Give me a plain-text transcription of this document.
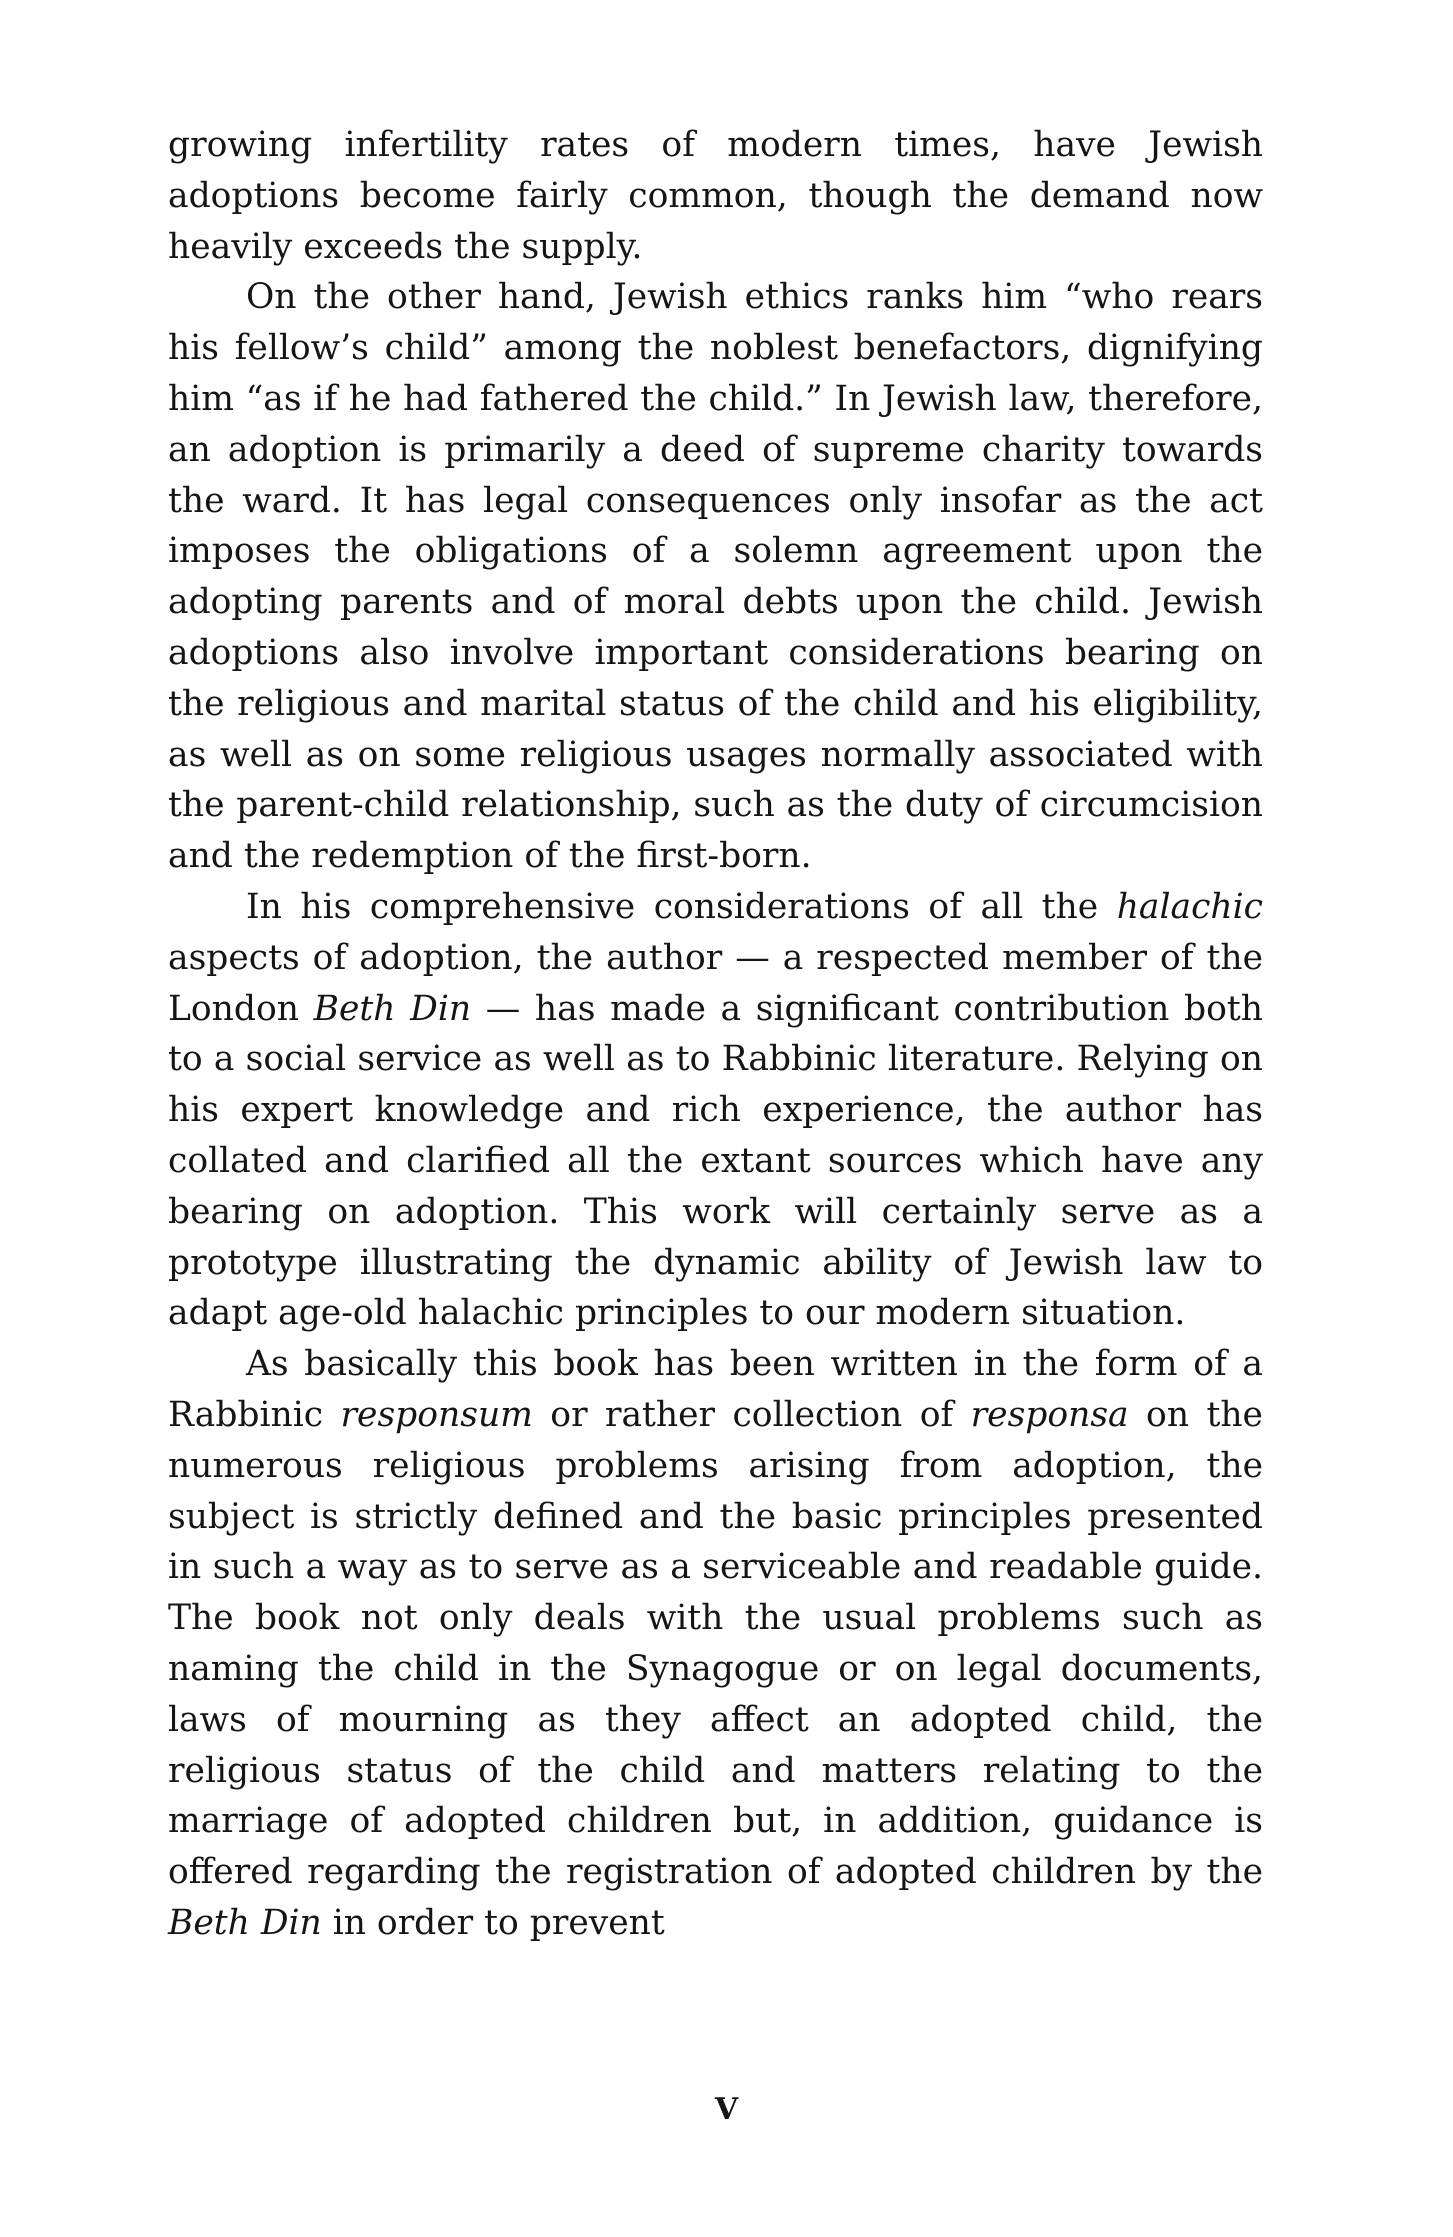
growing infertility rates of modern times, have Jewish adoptions become fairly common, though the demand now heavily exceeds the supply.

On the other hand, Jewish ethics ranks him “who rears his fellow’s child” among the noblest benefactors, dignifying him “as if he had fathered the child.” In Jewish law, therefore, an adoption is primarily a deed of supreme charity towards the ward. It has legal consequences only insofar as the act imposes the obligations of a solemn agreement upon the adopting parents and of moral debts upon the child. Jewish adoptions also involve important considerations bearing on the religious and marital status of the child and his eligibility, as well as on some religious usages normally associated with the parent-child relationship, such as the duty of circumcision and the redemption of the first-born.

In his comprehensive considerations of all the halachic aspects of adoption, the author — a respected member of the London Beth Din — has made a significant contribution both to a social service as well as to Rabbinic literature. Relying on his expert knowledge and rich experience, the author has collated and clarified all the extant sources which have any bearing on adoption. This work will certainly serve as a prototype illustrating the dynamic ability of Jewish law to adapt age-old halachic principles to our modern situation.

As basically this book has been written in the form of a Rabbinic responsum or rather collection of responsa on the numerous religious problems arising from adoption, the subject is strictly defined and the basic principles presented in such a way as to serve as a serviceable and readable guide. The book not only deals with the usual problems such as naming the child in the Synagogue or on legal documents, laws of mourning as they affect an adopted child, the religious status of the child and matters relating to the marriage of adopted children but, in addition, guidance is offered regarding the registration of adopted children by the Beth Din in order to prevent

V
